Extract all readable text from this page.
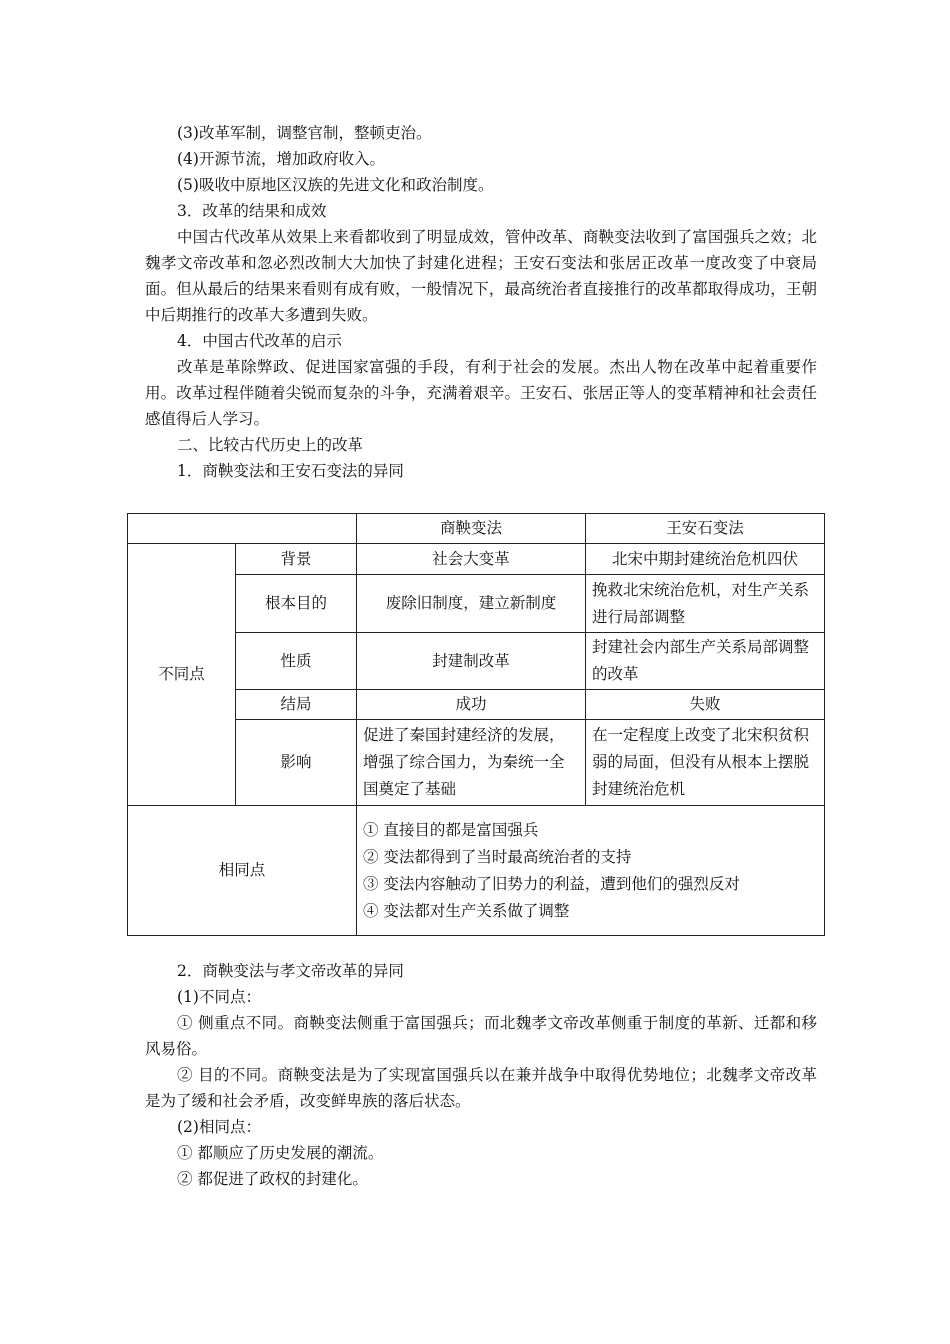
(3)改革军制，调整官制，整顿吏治。

(4)开源节流，增加政府收入。

(5)吸收中原地区汉族的先进文化和政治制度。

3．改革的结果和成效

中国古代改革从效果上来看都收到了明显成效，管仲改革、商鞅变法收到了富国强兵之效；北魏孝文帝改革和忽必烈改制大大加快了封建化进程；王安石变法和张居正改革一度改变了中衰局面。但从最后的结果来看则有成有败，一般情况下，最高统治者直接推行的改革都取得成功，王朝中后期推行的改革大多遭到失败。

4．中国古代改革的启示

改革是革除弊政、促进国家富强的手段，有利于社会的发展。杰出人物在改革中起着重要作用。改革过程伴随着尖锐而复杂的斗争，充满着艰辛。王安石、张居正等人的变革精神和社会责任感值得后人学习。

二、比较古代历史上的改革

1．商鞅变法和王安石变法的异同

		商鞅变法	王安石变法
不同点	背景	社会大变革	北宋中期封建统治危机四伏
	根本目的	废除旧制度，建立新制度	挽救北宋统治危机，对生产关系进行局部调整
	性质	封建制改革	封建社会内部生产关系局部调整的改革
	结局	成功	失败
	影响	促进了秦国封建经济的发展，增强了综合国力，为秦统一全国奠定了基础	在一定程度上改变了北宋积贫积弱的局面，但没有从根本上摆脱封建统治危机
相同点		① 直接目的都是富国强兵
② 变法都得到了当时最高统治者的支持
③ 变法内容触动了旧势力的利益，遭到他们的强烈反对
④ 变法都对生产关系做了调整	

2．商鞅变法与孝文帝改革的异同

(1)不同点：

① 侧重点不同。商鞅变法侧重于富国强兵；而北魏孝文帝改革侧重于制度的革新、迁都和移风易俗。

② 目的不同。商鞅变法是为了实现富国强兵以在兼并战争中取得优势地位；北魏孝文帝改革是为了缓和社会矛盾，改变鲜卑族的落后状态。

(2)相同点：

① 都顺应了历史发展的潮流。

② 都促进了政权的封建化。
